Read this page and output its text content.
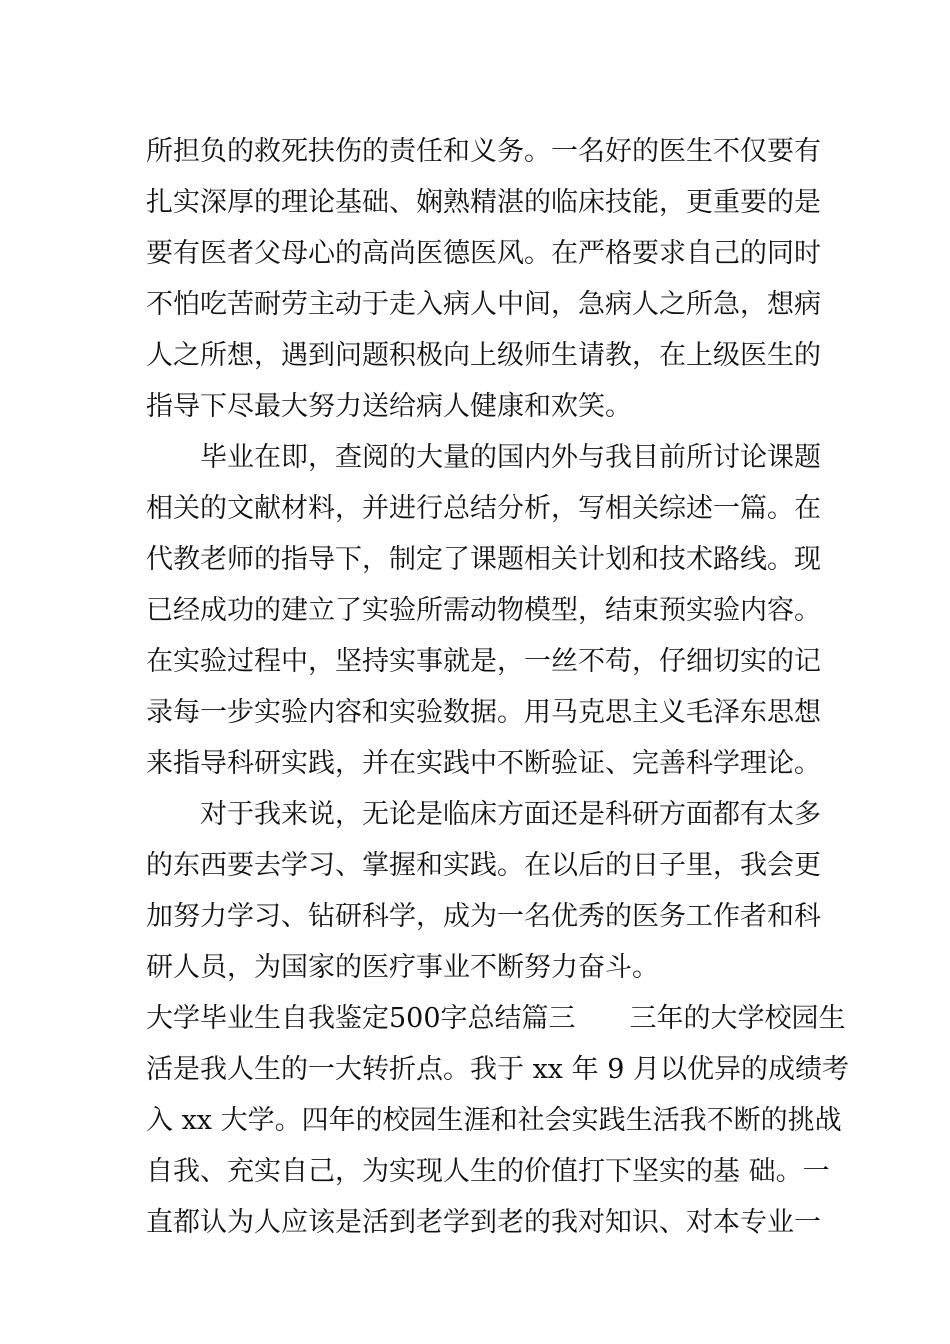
所担负的救死扶伤的责任和义务。一名好的医生不仅要有
扎实深厚的理论基础、娴熟精湛的临床技能，更重要的是
要有医者父母心的高尚医德医风。在严格要求自己的同时
不怕吃苦耐劳主动于走入病人中间，急病人之所急，想病
人之所想，遇到问题积极向上级师生请教，在上级医生的
指导下尽最大努力送给病人健康和欢笑。
毕业在即，查阅的大量的国内外与我目前所讨论课题
相关的文献材料，并进行总结分析，写相关综述一篇。在
代教老师的指导下，制定了课题相关计划和技术路线。现
已经成功的建立了实验所需动物模型，结束预实验内容。
在实验过程中，坚持实事就是，一丝不苟，仔细切实的记
录每一步实验内容和实验数据。用马克思主义毛泽东思想
来指导科研实践，并在实践中不断验证、完善科学理论。
对于我来说，无论是临床方面还是科研方面都有太多
的东西要去学习、掌握和实践。在以后的日子里，我会更
加努力学习、钻研科学，成为一名优秀的医务工作者和科
研人员，为国家的医疗事业不断努力奋斗。
大学毕业生自我鉴定500字总结篇三　　三年的大学校园生
活是我人生的一大转折点。我于 xx 年 9 月以优异的成绩考
入 xx 大学。四年的校园生涯和社会实践生活我不断的挑战
自我、充实自己，为实现人生的价值打下坚实的基 础。一
直都认为人应该是活到老学到老的我对知识、对本专业一
